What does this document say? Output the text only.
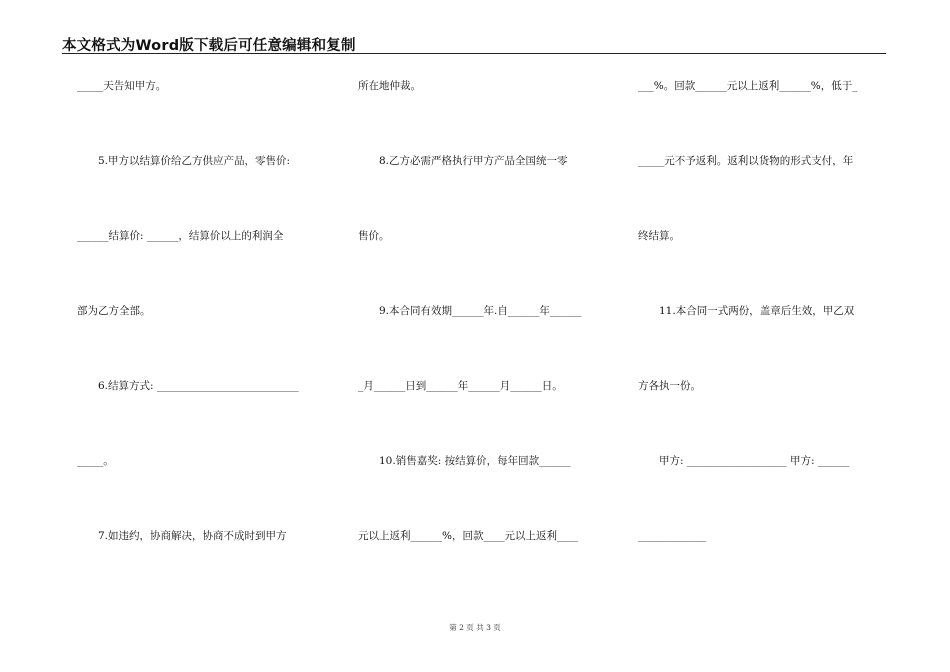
本文格式为Word版下载后可任意编辑和复制
_____天告知甲方。
　　5.甲方以结算价给乙方供应产品，零售价:
______结算价: ______，结算价以上的利润全
部为乙方全部。
　　6.结算方式: ___________________________
_____。
　　7.如违约，协商解决，协商不成时到甲方
所在地仲裁。
　　8.乙方必需严格执行甲方产品全国统一零
售价。
　　9.本合同有效期______年.自______年______
_月______日到______年______月______日。
　　10.销售嘉奖: 按结算价，每年回款______
元以上返利______%，回款____元以上返利____
___%。回款______元以上返利______%，低于_
_____元不予返利。返利以货物的形式支付，年
终结算。
　　11.本合同一式两份，盖章后生效，甲乙双
方各执一份。
　　甲方: ___________________ 甲方: ______
_____________
第 2 页 共 3 页
